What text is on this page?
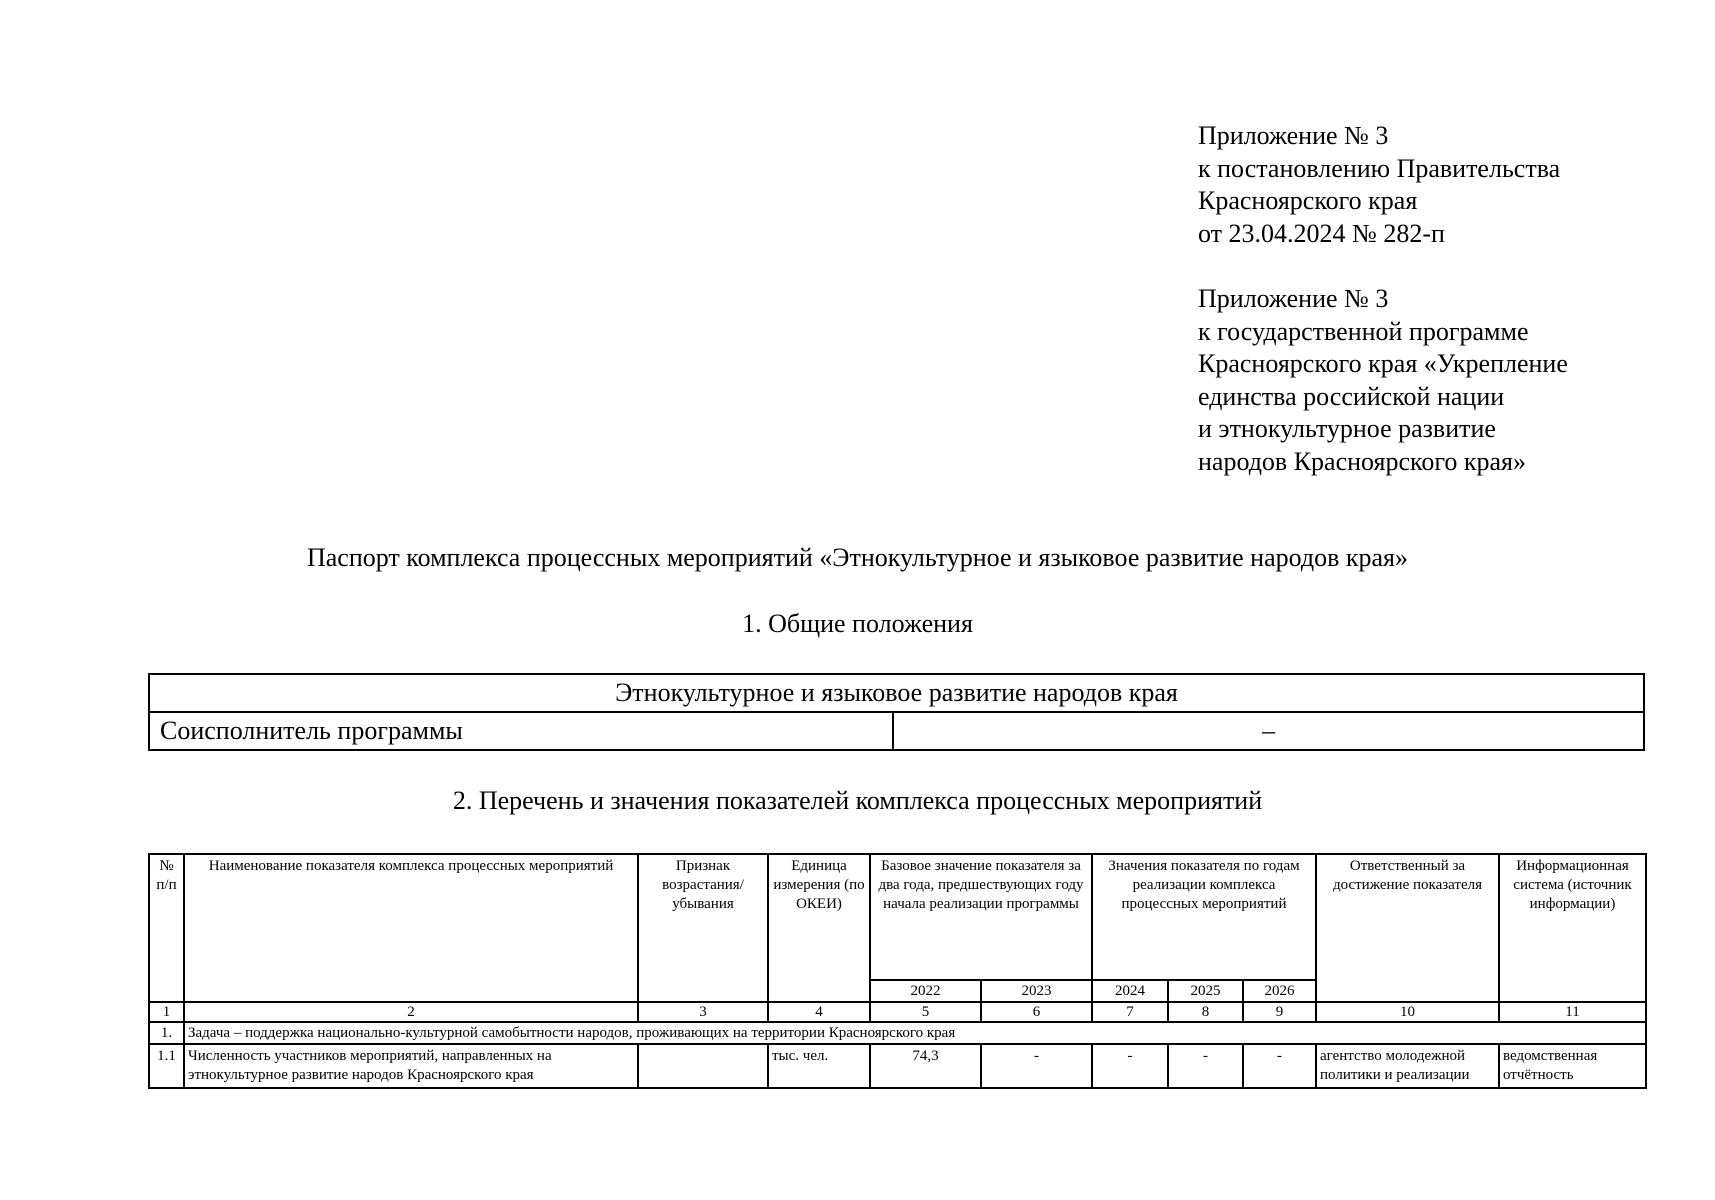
Приложение № 3
к постановлению Правительства
Красноярского края
от 23.04.2024 № 282-п
Приложение № 3
к государственной программе
Красноярского края «Укрепление
единства российской нации
и этнокультурное развитие
народов Красноярского края»
Паспорт комплекса процессных мероприятий «Этнокультурное и языковое развитие народов края»
1. Общие положения
Этнокультурное и языковое развитие народов края
Соисполнитель программы	–
2. Перечень и значения показателей комплекса процессных мероприятий
№ п/п	Наименование показателя комплекса процессных мероприятий	Признак возрастания/ убывания	Единица измерения (по ОКЕИ)	Базовое значение показателя за два года, предшествующих году начала реализации программы		Значения показателя по годам реализации комплекса процессных мероприятий			Ответственный за достижение показателя	Информационная система (источник информации)
				2022	2023	2024	2025	2026		
1	2	3	4	5	6	7	8	9	10	11
1.	Задача – поддержка национально-культурной самобытности народов, проживающих на территории Красноярского края									
1.1	Численность участников мероприятий, направленных на этнокультурное развитие народов Красноярского края		тыс. чел.	74,3	-	-	-	-	агентство молодежной политики и реализации	ведомственная отчётность
